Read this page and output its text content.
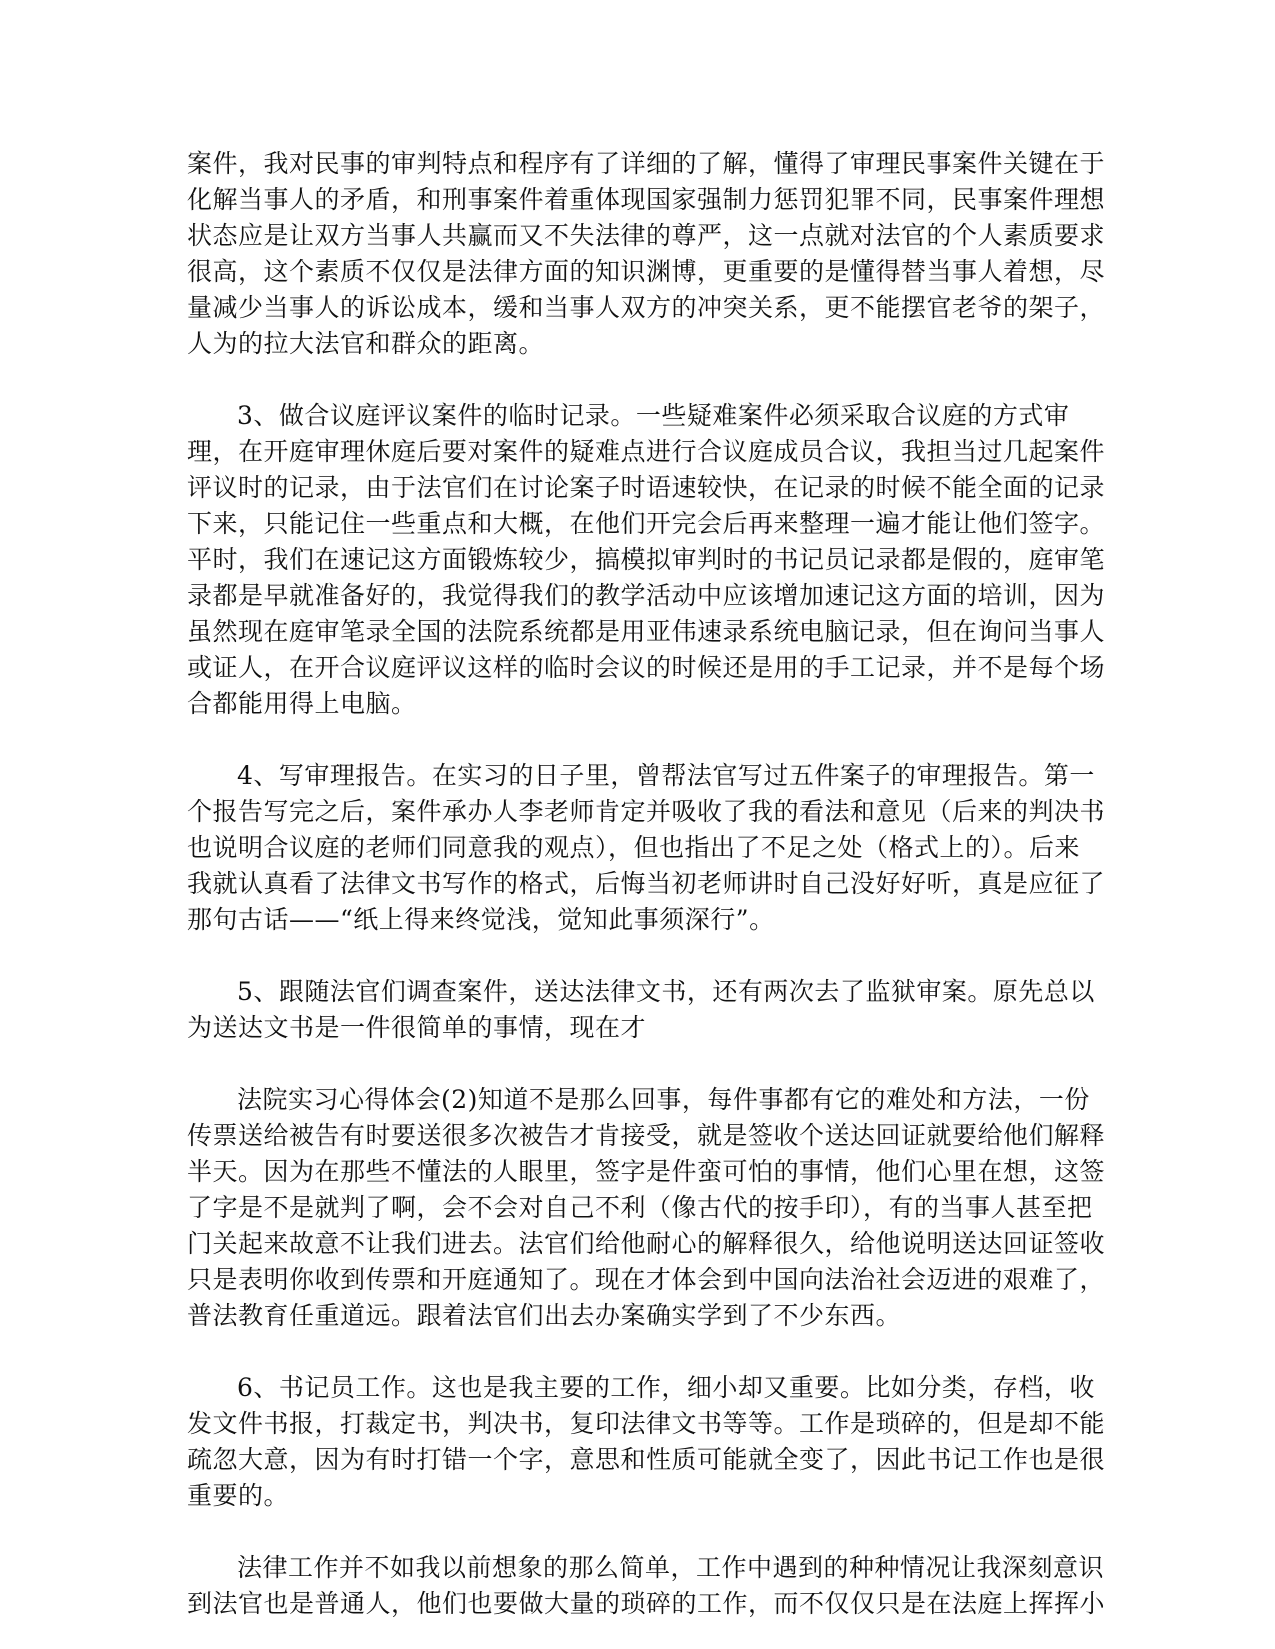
案件，我对民事的审判特点和程序有了详细的了解，懂得了审理民事案件关键在于
化解当事人的矛盾，和刑事案件着重体现国家强制力惩罚犯罪不同，民事案件理想
状态应是让双方当事人共赢而又不失法律的尊严，这一点就对法官的个人素质要求
很高，这个素质不仅仅是法律方面的知识渊博，更重要的是懂得替当事人着想，尽
量减少当事人的诉讼成本，缓和当事人双方的冲突关系，更不能摆官老爷的架子，
人为的拉大法官和群众的距离。
3、做合议庭评议案件的临时记录。一些疑难案件必须采取合议庭的方式审
理，在开庭审理休庭后要对案件的疑难点进行合议庭成员合议，我担当过几起案件
评议时的记录，由于法官们在讨论案子时语速较快，在记录的时候不能全面的记录
下来，只能记住一些重点和大概，在他们开完会后再来整理一遍才能让他们签字。
平时，我们在速记这方面锻炼较少，搞模拟审判时的书记员记录都是假的，庭审笔
录都是早就准备好的，我觉得我们的教学活动中应该增加速记这方面的培训，因为
虽然现在庭审笔录全国的法院系统都是用亚伟速录系统电脑记录，但在询问当事人
或证人，在开合议庭评议这样的临时会议的时候还是用的手工记录，并不是每个场
合都能用得上电脑。
4、写审理报告。在实习的日子里，曾帮法官写过五件案子的审理报告。第一
个报告写完之后，案件承办人李老师肯定并吸收了我的看法和意见（后来的判决书
也说明合议庭的老师们同意我的观点），但也指出了不足之处（格式上的）。后来
我就认真看了法律文书写作的格式，后悔当初老师讲时自己没好好听，真是应征了
那句古话——“纸上得来终觉浅，觉知此事须深行”。
5、跟随法官们调查案件，送达法律文书，还有两次去了监狱审案。原先总以
为送达文书是一件很简单的事情，现在才
法院实习心得体会(2)知道不是那么回事，每件事都有它的难处和方法，一份
传票送给被告有时要送很多次被告才肯接受，就是签收个送达回证就要给他们解释
半天。因为在那些不懂法的人眼里，签字是件蛮可怕的事情，他们心里在想，这签
了字是不是就判了啊，会不会对自己不利（像古代的按手印），有的当事人甚至把
门关起来故意不让我们进去。法官们给他耐心的解释很久，给他说明送达回证签收
只是表明你收到传票和开庭通知了。现在才体会到中国向法治社会迈进的艰难了，
普法教育任重道远。跟着法官们出去办案确实学到了不少东西。
6、书记员工作。这也是我主要的工作，细小却又重要。比如分类，存档，收
发文件书报，打裁定书，判决书，复印法律文书等等。工作是琐碎的，但是却不能
疏忽大意，因为有时打错一个字，意思和性质可能就全变了，因此书记工作也是很
重要的。
法律工作并不如我以前想象的那么简单，工作中遇到的种种情况让我深刻意识
到法官也是普通人，他们也要做大量的琐碎的工作，而不仅仅只是在法庭上挥挥小
